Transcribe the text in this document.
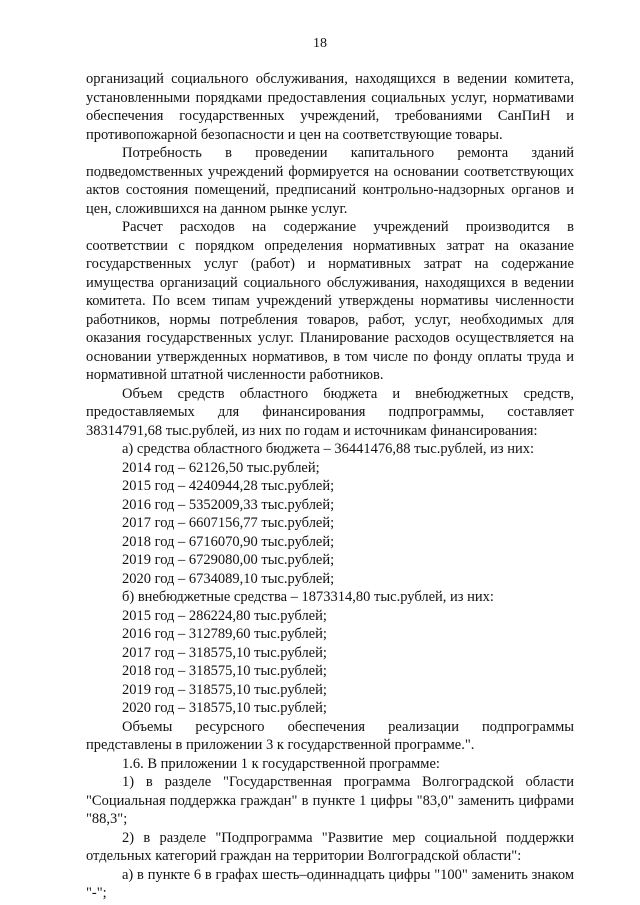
18

организаций социального обслуживания, находящихся в ведении комитета, установленными порядками предоставления социальных услуг, нормативами обеспечения государственных учреждений, требованиями СанПиН и противопожарной безопасности и цен на соответствующие товары.

Потребность в проведении капитального ремонта зданий подведомственных учреждений формируется на основании соответствующих актов состояния помещений, предписаний контрольно-надзорных органов и цен, сложившихся на данном рынке услуг.

Расчет расходов на содержание учреждений производится в соответствии с порядком определения нормативных затрат на оказание государственных услуг (работ) и нормативных затрат на содержание имущества организаций социального обслуживания, находящихся в ведении комитета. По всем типам учреждений утверждены нормативы численности работников, нормы потребления товаров, работ, услуг, необходимых для оказания государственных услуг. Планирование расходов осуществляется на основании утвержденных нормативов, в том числе по фонду оплаты труда и нормативной штатной численности работников.

Объем средств областного бюджета и внебюджетных средств, предоставляемых для финансирования подпрограммы, составляет 38314791,68 тыс.рублей, из них по годам и источникам финансирования:

а) средства областного бюджета – 36441476,88 тыс.рублей, из них:

2014 год – 62126,50 тыс.рублей;

2015 год – 4240944,28 тыс.рублей;

2016 год – 5352009,33 тыс.рублей;

2017 год – 6607156,77 тыс.рублей;

2018 год – 6716070,90 тыс.рублей;

2019 год – 6729080,00 тыс.рублей;

2020 год – 6734089,10 тыс.рублей;

б) внебюджетные средства – 1873314,80 тыс.рублей, из них:

2015 год – 286224,80 тыс.рублей;

2016 год – 312789,60 тыс.рублей;

2017 год – 318575,10 тыс.рублей;

2018 год – 318575,10 тыс.рублей;

2019 год – 318575,10 тыс.рублей;

2020 год – 318575,10 тыс.рублей;

Объемы ресурсного обеспечения реализации подпрограммы представлены в приложении 3 к государственной программе.".

1.6. В приложении 1 к государственной программе:

1) в разделе "Государственная программа Волгоградской области "Социальная поддержка граждан" в пункте 1 цифры "83,0" заменить цифрами "88,3";

2) в разделе "Подпрограмма "Развитие мер социальной поддержки отдельных категорий граждан на территории Волгоградской области":

а) в пункте 6 в графах шесть–одиннадцать цифры "100" заменить знаком "-";
